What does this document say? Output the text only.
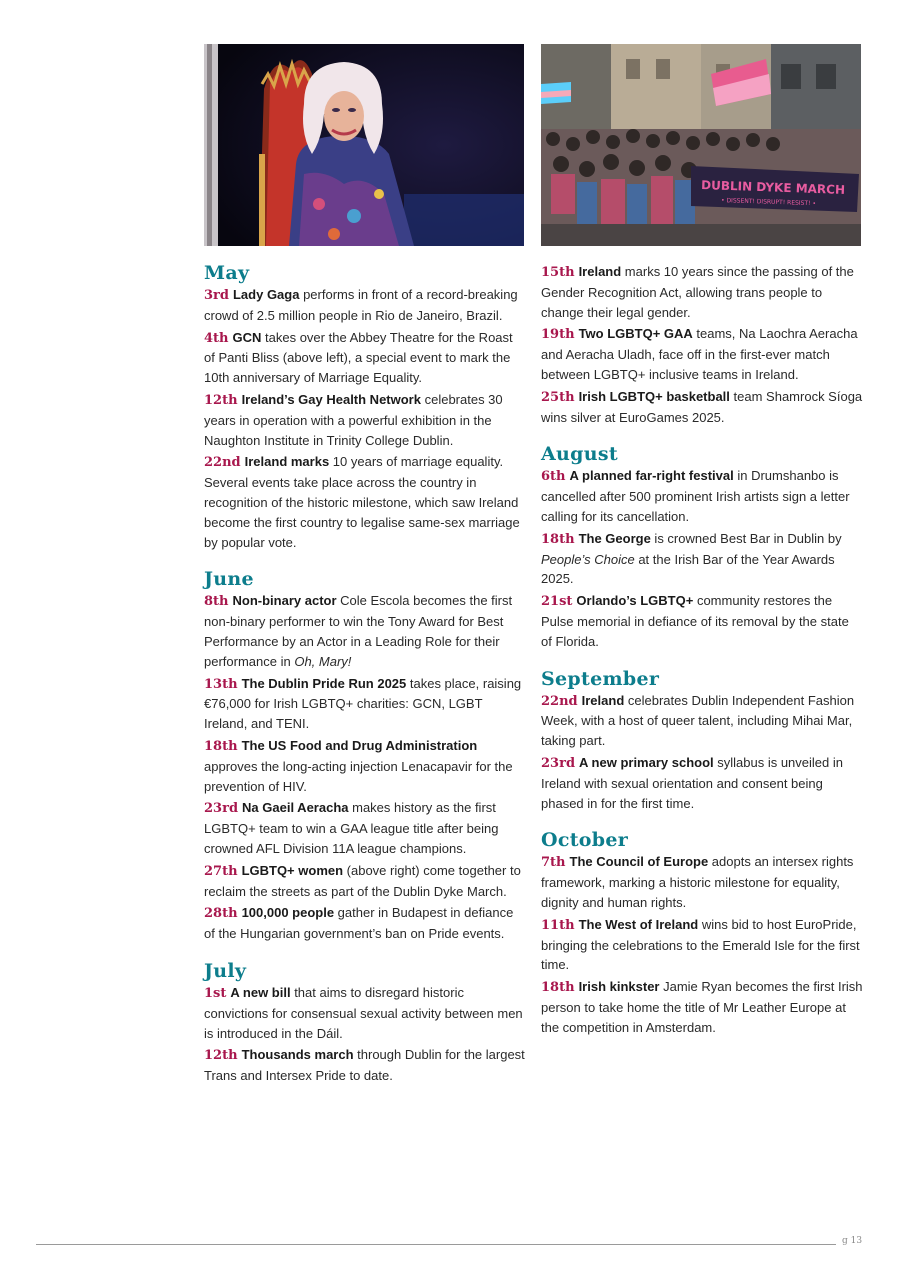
May

3rd Lady Gaga performs in front of a record-breaking crowd of 2.5 million people in Rio de Janeiro, Brazil.

4th GCN takes over the Abbey Theatre for the Roast of Panti Bliss (above left), a special event to mark the 10th anniversary of Marriage Equality.

12th Ireland’s Gay Health Network celebrates 30 years in operation with a powerful exhibition in the Naughton Institute in Trinity College Dublin.

22nd Ireland marks 10 years of marriage equality. Several events take place across the country in recognition of the historic milestone, which saw Ireland become the first country to legalise same-sex marriage by popular vote.

June

8th Non-binary actor Cole Escola becomes the first non-binary performer to win the Tony Award for Best Performance by an Actor in a Leading Role for their performance in Oh, Mary!

13th The Dublin Pride Run 2025 takes place, raising €76,000 for Irish LGBTQ+ charities: GCN, LGBT Ireland, and TENI.

18th The US Food and Drug Administration approves the long-acting injection Lenacapavir for the prevention of HIV.

23rd Na Gaeil Aeracha makes history as the first LGBTQ+ team to win a GAA league title after being crowned AFL Division 11A league champions.

27th LGBTQ+ women (above right) come together to reclaim the streets as part of the Dublin Dyke March.

28th 100,000 people gather in Budapest in defiance of the Hungarian government’s ban on Pride events.

July

1st A new bill that aims to disregard historic convictions for consensual sexual activity between men is introduced in the Dáil.

12th Thousands march through Dublin for the largest Trans and Intersex Pride to date.

DUBLIN DYKE MARCH
• DISSENT! DISRUPT! RESIST! •

15th Ireland marks 10 years since the passing of the Gender Recognition Act, allowing trans people to change their legal gender.

19th Two LGBTQ+ GAA teams, Na Laochra Aeracha and Aeracha Uladh, face off in the first-ever match between LGBTQ+ inclusive teams in Ireland.

25th Irish LGBTQ+ basketball team Shamrock Síoga wins silver at EuroGames 2025.

August

6th A planned far-right festival in Drumshanbo is cancelled after 500 prominent Irish artists sign a letter calling for its cancellation.

18th The George is crowned Best Bar in Dublin by People’s Choice at the Irish Bar of the Year Awards 2025.

21st Orlando’s LGBTQ+ community restores the Pulse memorial in defiance of its removal by the state of Florida.

September

22nd Ireland celebrates Dublin Independent Fashion Week, with a host of queer talent, including Mihai Mar, taking part.

23rd A new primary school syllabus is unveiled in Ireland with sexual orientation and consent being phased in for the first time.

October

7th The Council of Europe adopts an intersex rights framework, marking a historic milestone for equality, dignity and human rights.

11th The West of Ireland wins bid to host EuroPride, bringing the celebrations to the Emerald Isle for the first time.

18th Irish kinkster Jamie Ryan becomes the first Irish person to take home the title of Mr Leather Europe at the competition in Amsterdam.

g 13
